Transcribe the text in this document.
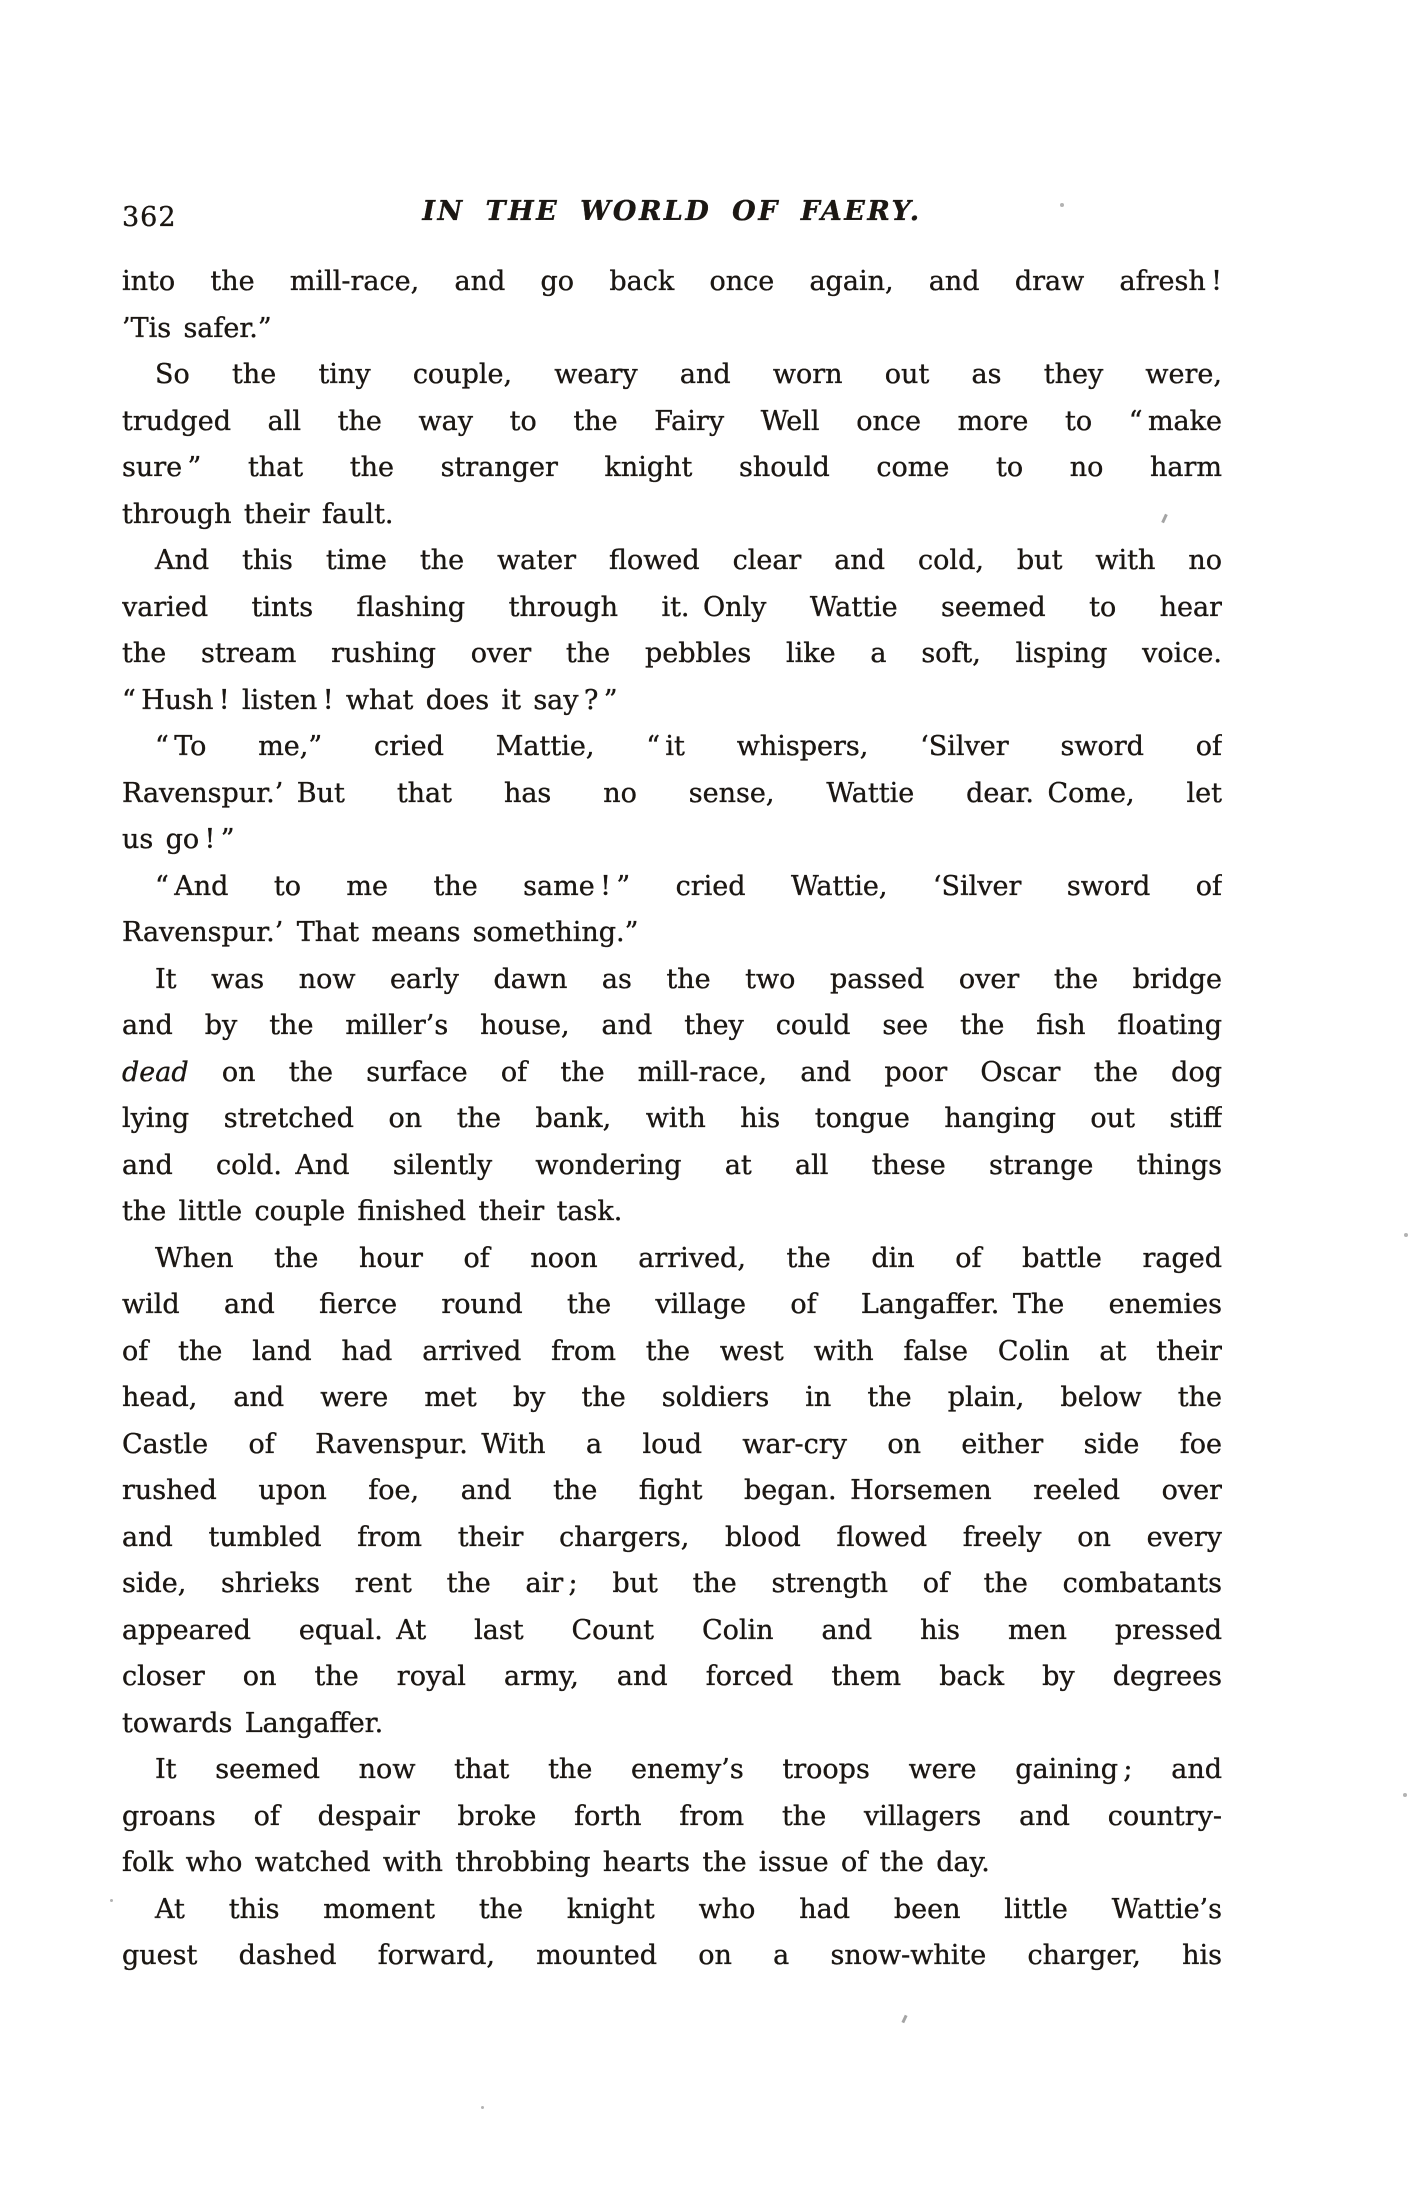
362	IN THE WORLD OF FAERY.
into the mill-race, and go back once again, and draw afresh !
’Tis safer.”
So the tiny couple, weary and worn out as they were,
trudged all the way to the Fairy Well once more to “ make
sure ” that the stranger knight should come to no harm
through their fault.
And this time the water flowed clear and cold, but with no
varied tints flashing through it. Only Wattie seemed to hear
the stream rushing over the pebbles like a soft, lisping voice.
“ Hush ! listen ! what does it say ? ”
“ To me,” cried Mattie, “ it whispers, ‘Silver sword of
Ravenspur.’ But that has no sense, Wattie dear. Come, let
us go ! ”
“ And to me the same ! ” cried Wattie, ‘Silver sword of
Ravenspur.’ That means something.”
It was now early dawn as the two passed over the bridge
and by the miller’s house, and they could see the fish floating
dead on the surface of the mill-race, and poor Oscar the dog
lying stretched on the bank, with his tongue hanging out stiff
and cold. And silently wondering at all these strange things
the little couple finished their task.
When the hour of noon arrived, the din of battle raged
wild and fierce round the village of Langaffer. The enemies
of the land had arrived from the west with false Colin at their
head, and were met by the soldiers in the plain, below the
Castle of Ravenspur. With a loud war-cry on either side foe
rushed upon foe, and the fight began. Horsemen reeled over
and tumbled from their chargers, blood flowed freely on every
side, shrieks rent the air ; but the strength of the combatants
appeared equal. At last Count Colin and his men pressed
closer on the royal army, and forced them back by degrees
towards Langaffer.
It seemed now that the enemy’s troops were gaining ; and
groans of despair broke forth from the villagers and country-
folk who watched with throbbing hearts the issue of the day.
At this moment the knight who had been little Wattie’s
guest dashed forward, mounted on a snow-white charger, his
